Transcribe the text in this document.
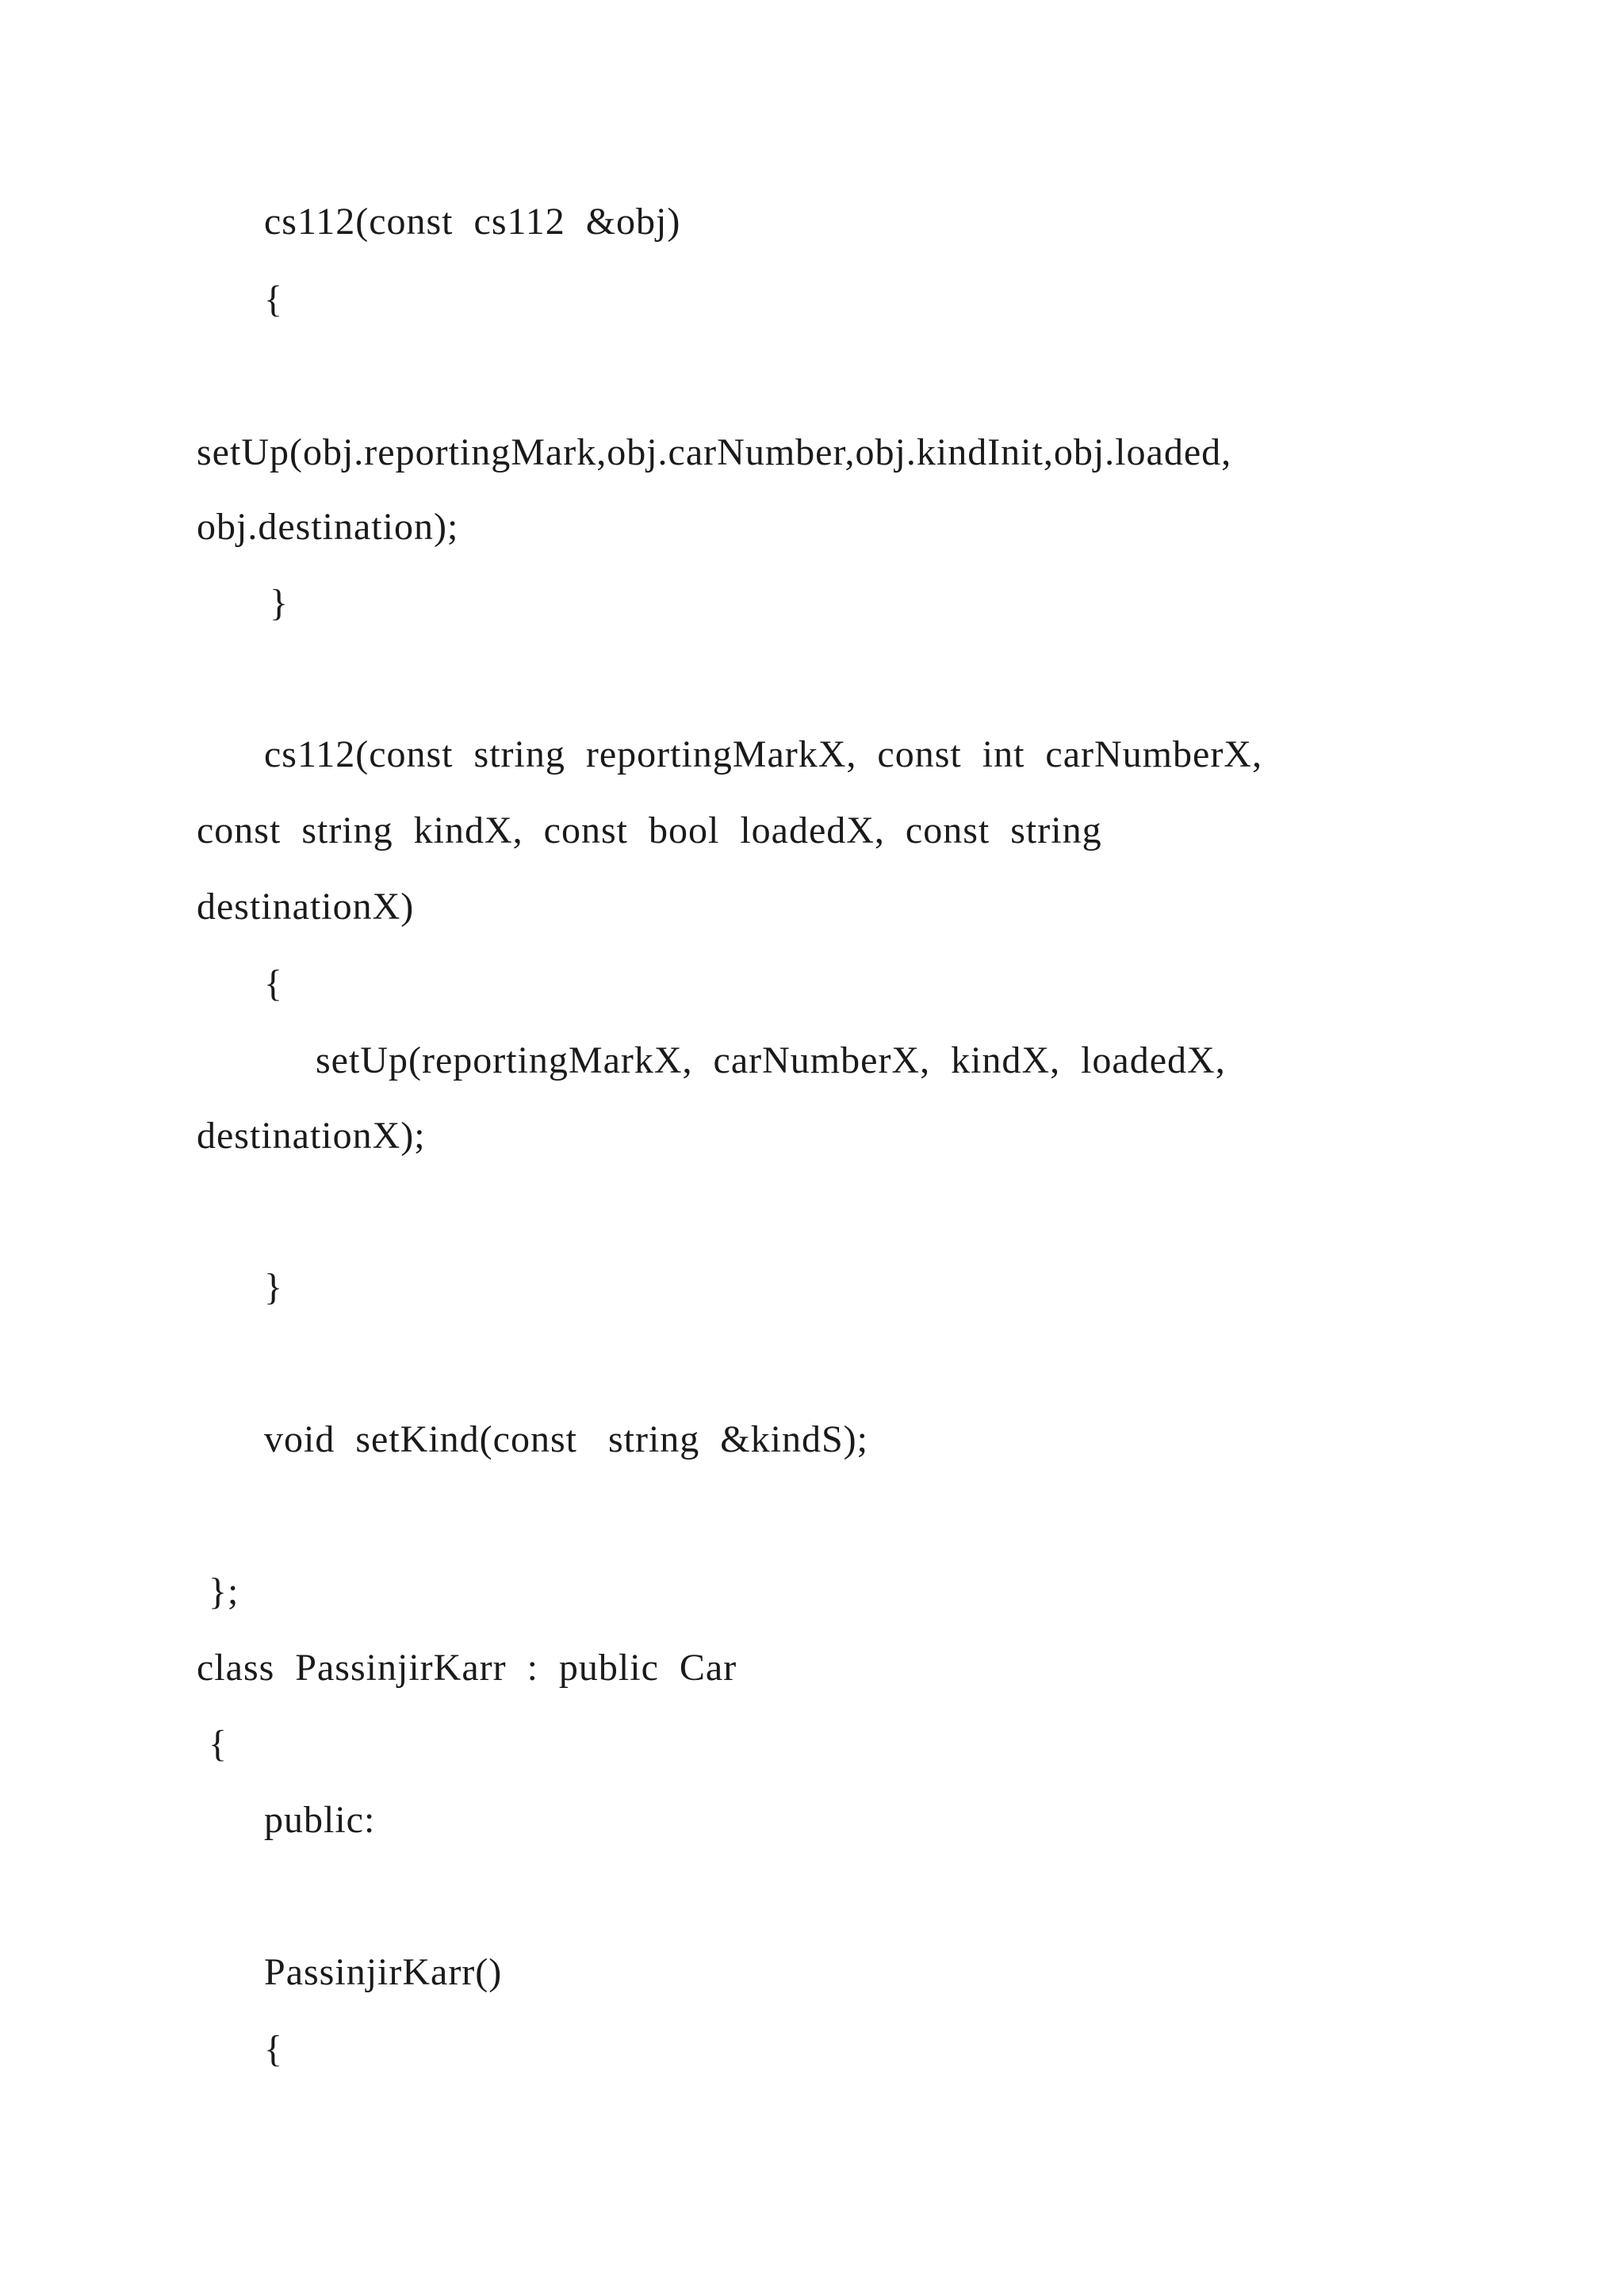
cs112(const  cs112  &obj)
{
setUp(obj.reportingMark,obj.carNumber,obj.kindInit,obj.loaded,
obj.destination);
}
cs112(const  string  reportingMarkX,  const  int  carNumberX,
const  string  kindX,  const  bool  loadedX,  const  string
destinationX)
{
setUp(reportingMarkX,  carNumberX,  kindX,  loadedX,
destinationX);
}
void  setKind(const   string  &kindS);
};
class  PassinjirKarr  :  public  Car
{
public:
PassinjirKarr()
{
